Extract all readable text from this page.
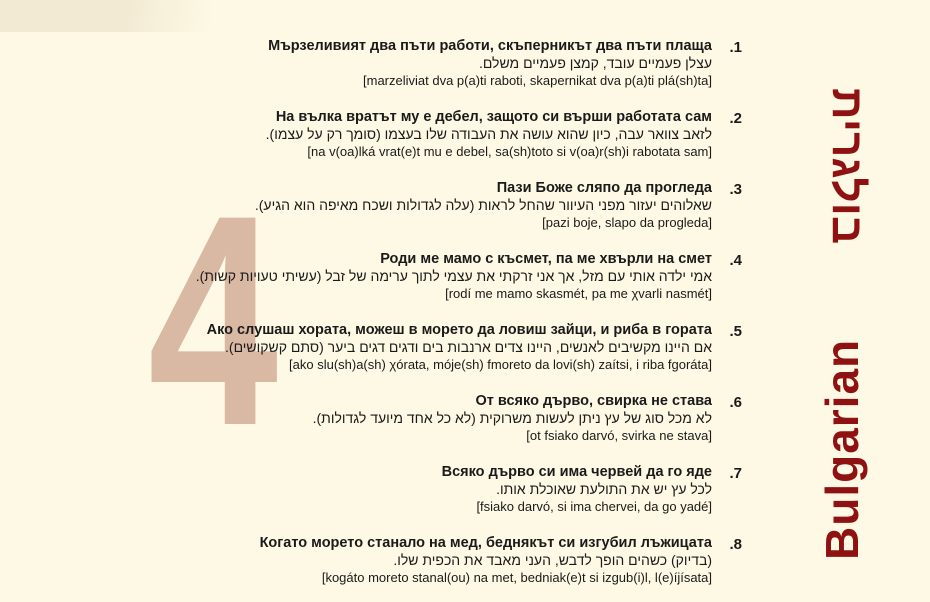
4
.1
Мързеливият два пъти работи, скъперникът два пъти плаща
עצלן פעמיים עובד, קמצן פעמיים משלם.
[marzeliviat dva p(a)ti raboti, skapernikat dva p(a)ti plá(sh)ta]
.2
На вълка вратът му е дебел, защото си върши работата сам
לזאב צוואר עבה, כיון שהוא עושה את העבודה שלו בעצמו (סומך רק על עצמו).
[na v(oa)lká vrat(e)t mu e debel, sa(sh)toto si v(oa)r(sh)i rabotata sam]
.3
Пази Боже сляпо да прогледа
שאלוהים יעזור מפני העיוור שהחל לראות (עלה לגדולות ושכח מאיפה הוא הגיע).
[pazi boje, slapo da progleda]
.4
Роди ме мамо с късмет, па ме хвърли на смет
אמי ילדה אותי עם מזל, אך אני זרקתי את עצמי לתוך ערימה של זבל (עשיתי טעויות קשות).
[rodí me mamo skasmét, pa me χvarli nasmét]
.5
Ако слушаш хората, можеш в морето да ловиш зайци, и риба в гората
אם היינו מקשיבים לאנשים, היינו צדים ארנבות בים ודגים דגים ביער (סתם קשקושים).
[ako slu(sh)a(sh) χórata, móje(sh) fmoreto da lovi(sh) zaítsi, i riba fgoráta]
.6
От всяко дърво, свирка не става
לא מכל סוג של עץ ניתן לעשות משרוקית (לא כל אחד מיועד לגדולות).
[ot fsiako darvó, svirka ne stava]
.7
Всяко дърво си има червей да го яде
לכל עץ יש את התולעת שאוכלת אותו.
[fsiako darvó, si ima chervei, da go yadé]
.8
Когато морето станало на мед, беднякът си изгубил лъжицата
(בדיוק) כשהים הופך לדבש, העני מאבד את הכפית שלו.
[kogáto moreto stanal(ou) na met, bedniak(e)t si izgub(i)l, l(e)íjísata]
Bulgarian
בולגרית
